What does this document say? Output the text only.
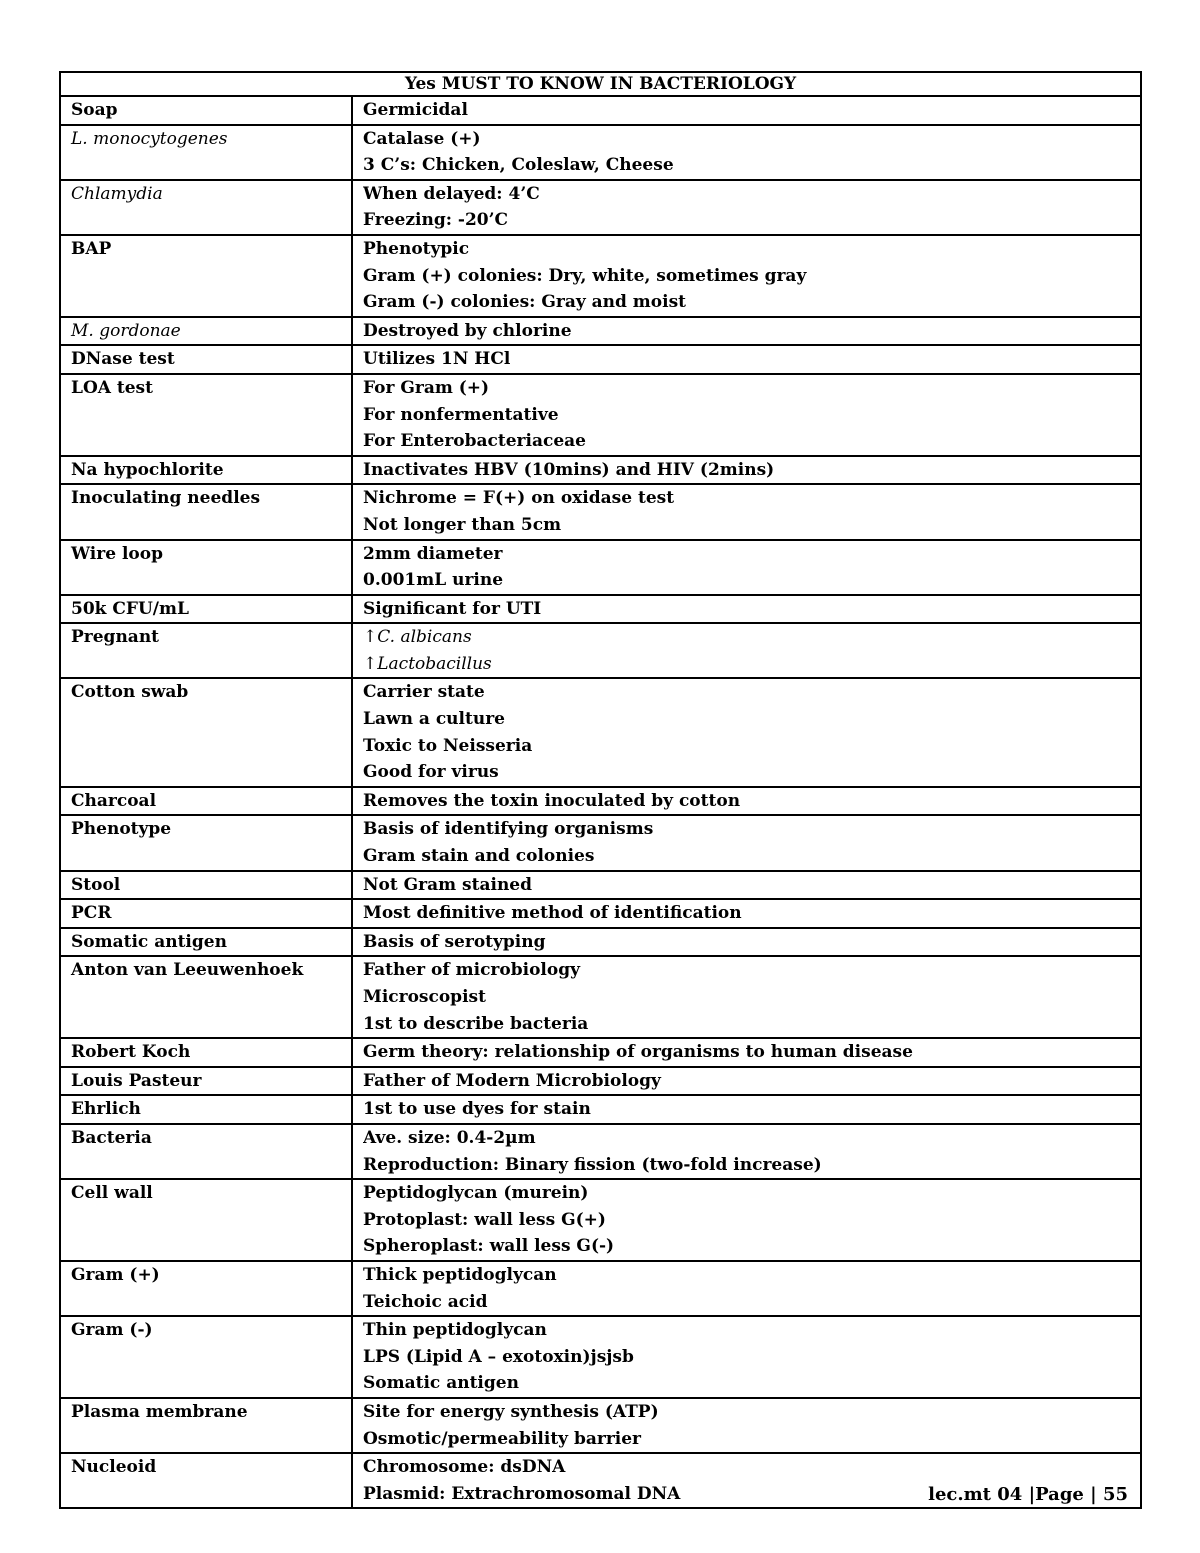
Yes MUST TO KNOW IN BACTERIOLOGY
Soap	Germicidal
L. monocytogenes	Catalase (+)
3 C’s: Chicken, Coleslaw, Cheese
Chlamydia	When delayed: 4’C
Freezing: -20’C
BAP	Phenotypic
Gram (+) colonies: Dry, white, sometimes gray
Gram (-) colonies: Gray and moist
M. gordonae	Destroyed by chlorine
DNase test	Utilizes 1N HCl
LOA test	For Gram (+)
For nonfermentative
For Enterobacteriaceae
Na hypochlorite	Inactivates HBV (10mins) and HIV (2mins)
Inoculating needles	Nichrome = F(+) on oxidase test
Not longer than 5cm
Wire loop	2mm diameter
0.001mL urine
50k CFU/mL	Significant for UTI
Pregnant	↑C. albicans
↑Lactobacillus
Cotton swab	Carrier state
Lawn a culture
Toxic to Neisseria
Good for virus
Charcoal	Removes the toxin inoculated by cotton
Phenotype	Basis of identifying organisms
Gram stain and colonies
Stool	Not Gram stained
PCR	Most definitive method of identification
Somatic antigen	Basis of serotyping
Anton van Leeuwenhoek	Father of microbiology
Microscopist
1st to describe bacteria
Robert Koch	Germ theory: relationship of organisms to human disease
Louis Pasteur	Father of Modern Microbiology
Ehrlich	1st to use dyes for stain
Bacteria	Ave. size: 0.4-2µm
Reproduction: Binary fission (two-fold increase)
Cell wall	Peptidoglycan (murein)
Protoplast: wall less G(+)
Spheroplast: wall less G(-)
Gram (+)	Thick peptidoglycan
Teichoic acid
Gram (-)	Thin peptidoglycan
LPS (Lipid A – exotoxin)jsjsb
Somatic antigen
Plasma membrane	Site for energy synthesis (ATP)
Osmotic/permeability barrier
Nucleoid	Chromosome: dsDNA
Plasmid: Extrachromosomal DNA	lec.mt 04 |Page | 55
